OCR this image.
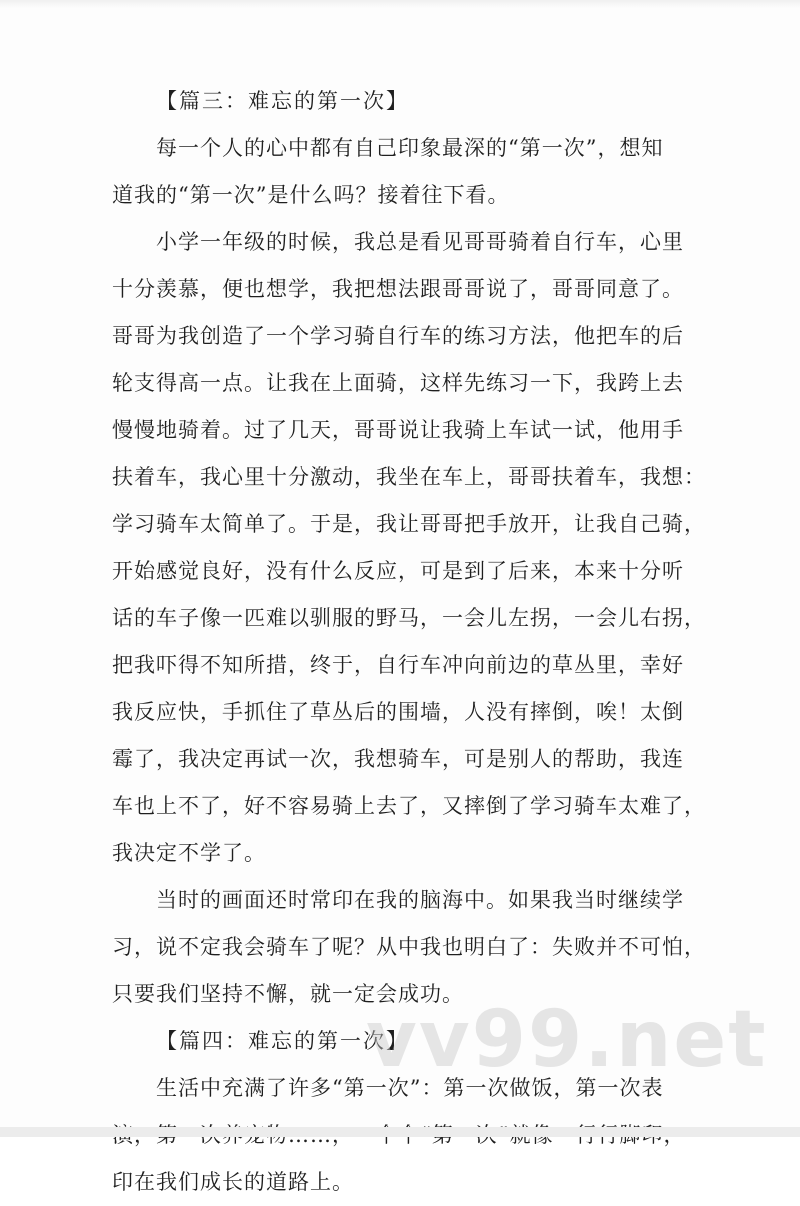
【篇三：难忘的第一次】
每一个人的心中都有自己印象最深的“第一次”，想知
道我的“第一次”是什么吗？接着往下看。
小学一年级的时候，我总是看见哥哥骑着自行车，心里
十分羡慕，便也想学，我把想法跟哥哥说了，哥哥同意了。
哥哥为我创造了一个学习骑自行车的练习方法，他把车的后
轮支得高一点。让我在上面骑，这样先练习一下，我跨上去
慢慢地骑着。过了几天，哥哥说让我骑上车试一试，他用手
扶着车，我心里十分激动，我坐在车上，哥哥扶着车，我想：
学习骑车太简单了。于是，我让哥哥把手放开，让我自己骑，
开始感觉良好，没有什么反应，可是到了后来，本来十分听
话的车子像一匹难以驯服的野马，一会儿左拐，一会儿右拐，
把我吓得不知所措，终于，自行车冲向前边的草丛里，幸好
我反应快，手抓住了草丛后的围墙，人没有摔倒，唉！太倒
霉了，我决定再试一次，我想骑车，可是别人的帮助，我连
车也上不了，好不容易骑上去了，又摔倒了学习骑车太难了，
我决定不学了。
当时的画面还时常印在我的脑海中。如果我当时继续学
习，说不定我会骑车了呢？从中我也明白了：失败并不可怕，
只要我们坚持不懈，就一定会成功。
【篇四：难忘的第一次】
生活中充满了许多“第一次”：第一次做饭，第一次表
印在我们成长的道路上。
vv99.net
